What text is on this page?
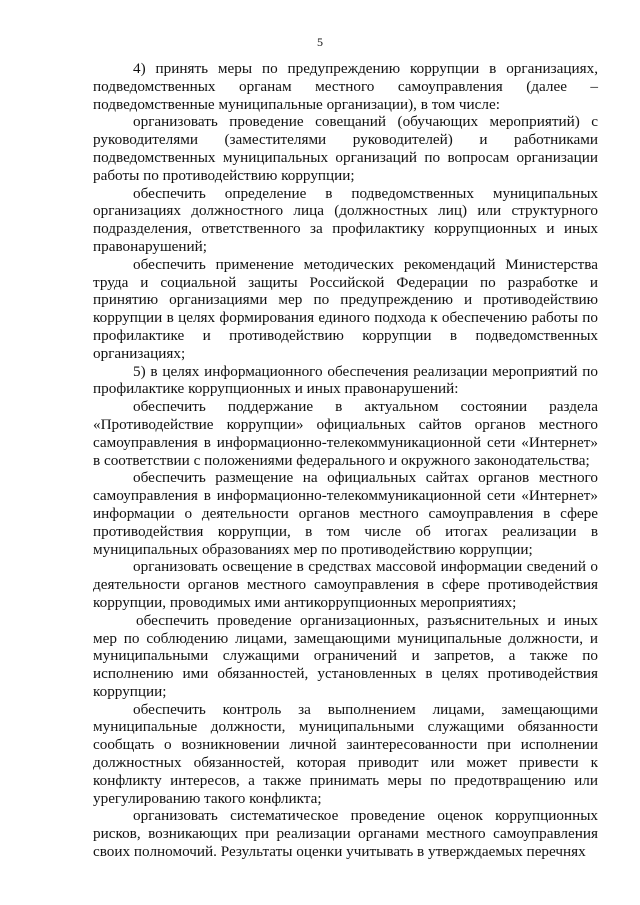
5

4) принять меры по предупреждению коррупции в организациях, подведомственных органам местного самоуправления (далее – подведомственные муниципальные организации), в том числе:

организовать проведение совещаний (обучающих мероприятий) с руководителями (заместителями руководителей) и работниками подведомственных муниципальных организаций по вопросам организации работы по противодействию коррупции;

обеспечить определение в подведомственных муниципальных организациях должностного лица (должностных лиц) или структурного подразделения, ответственного за профилактику коррупционных и иных правонарушений;

обеспечить применение методических рекомендаций Министерства труда и социальной защиты Российской Федерации по разработке и принятию организациями мер по предупреждению и противодействию коррупции в целях формирования единого подхода к обеспечению работы по профилактике и противодействию коррупции в подведомственных организациях;

5) в целях информационного обеспечения реализации мероприятий по профилактике коррупционных и иных правонарушений:

обеспечить поддержание в актуальном состоянии раздела «Противодействие коррупции» официальных сайтов органов местного самоуправления в информационно-телекоммуникационной сети «Интернет» в соответствии с положениями федерального и окружного законодательства;

обеспечить размещение на официальных сайтах органов местного самоуправления в информационно-телекоммуникационной сети «Интернет» информации о деятельности органов местного самоуправления в сфере противодействия коррупции, в том числе об итогах реализации в муниципальных образованиях мер по противодействию коррупции;

организовать освещение в средствах массовой информации сведений о деятельности органов местного самоуправления в сфере противодействия коррупции, проводимых ими антикоррупционных мероприятиях;

обеспечить проведение организационных, разъяснительных и иных мер по соблюдению лицами, замещающими муниципальные должности, и муниципальными служащими ограничений и запретов, а также по исполнению ими обязанностей, установленных в целях противодействия коррупции;

обеспечить контроль за выполнением лицами, замещающими муниципальные должности, муниципальными служащими обязанности сообщать о возникновении личной заинтересованности при исполнении должностных обязанностей, которая приводит или может привести к конфликту интересов, а также принимать меры по предотвращению или урегулированию такого конфликта;

организовать систематическое проведение оценок коррупционных рисков, возникающих при реализации органами местного самоуправления своих полномочий. Результаты оценки учитывать в утверждаемых перечнях
